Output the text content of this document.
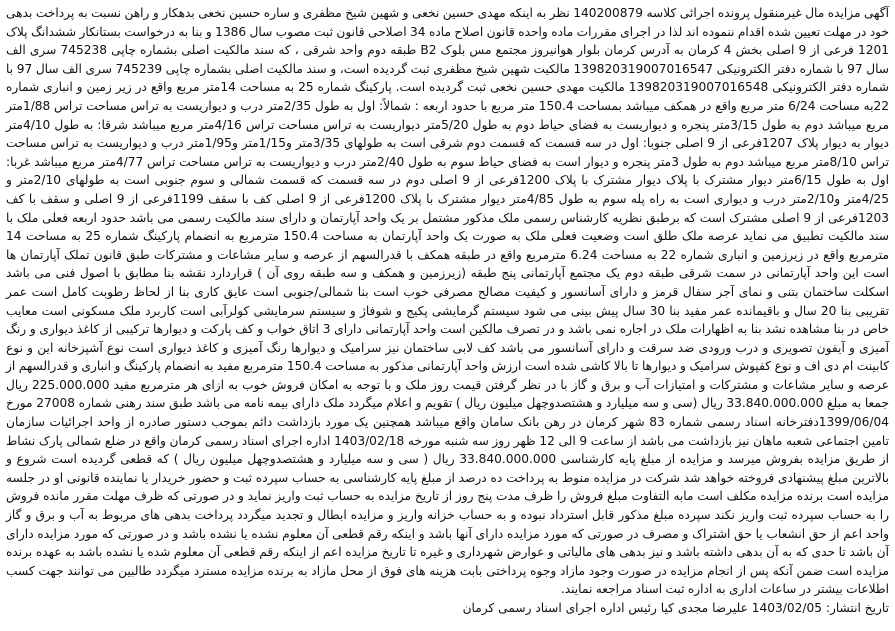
آگهی مزایده مال غیرمنقول پرونده اجرائی کلاسه 140200879 نظر به اینکه مهدی حسین نخعی و شهین شیخ مظفری و ساره حسین نخعی بدهکار و راهن نسبت به پرداخت بدهی خود در مهلت تعیین شده اقدام ننموده اند لذا در اجرای مقررات ماده واحده قانون اصلاح ماده 34 اصلاحی قانون ثبت مصوب سال 1386 و بنا به درخواست بستانکار ششدانگ پلاک 1201 فرعی از 9 اصلی بخش 4 کرمان به آدرس کرمان بلوار هوانیروز مجتمع مس بلوک B2 طبقه دوم واحد شرقی ، که سند مالکیت اصلی بشماره چاپی 745238 سری الف سال 97 با شماره دفتر الکترونیکی 139820319007016547 مالکیت شهین شیخ مظفری ثبت گردیده است، و سند مالکیت اصلی بشماره چاپی 745239 سری الف سال 97 با شماره دفتر الکترونیکی 139820319007016548 مالکیت مهدی حسین نخعی ثبت گردیده است. پارکینگ شماره 25 به مساحت 14متر مربع واقع در زیر زمین و انباری شماره 22به مساحت 6/24 متر مربع واقع در همکف میباشد بمساحت 150.4 متر مربع با حدود اربعه : شمالاً: اول به طول 2/35متر درب و دیواریست به تراس مساحت تراس 1/88متر مربع میباشد دوم به طول 3/15متر پنجره و دیواریست به فضای حیاط دوم به طول 5/20متر دیواریست به تراس مساحت تراس 4/16متر مربع میباشد شرقا: به طول 4/10متر دیوار به دیوار پلاک 1207فرعی از 9 اصلی جنوبا: اول در سه قسمت که قسمت دوم شرقی است به طولهای 3/35متر و1/15متر و1/95متر درب و دیواریست به تراس مساحت تراس 8/10متر مربع میباشد دوم به طول 3متر پنجره و دیوار است به فضای حیاط سوم به طول 2/40متر درب و دیواریست به تراس مساحت تراس 4/77متر مربع میباشد غربا: اول به طول 6/15متر دیوار مشترک با پلاک دیوار مشترک با پلاک 1200فرعی از 9 اصلی دوم در سه قسمت که قسمت شمالی و سوم جنوبی است به طولهای 2/10متر و 4/25متر و2/10متر درب و دیواری است به راه پله سوم به طول 4/85متر دیوار مشترک با پلاک 1200فرعی از 9 اصلی کف با سقف 1199فرعی از 9 اصلی و سقف با کف 1203فرعی از 9 اصلی مشترک است که برطبق نظریه کارشناس رسمی ملک مذکور مشتمل بر یک واحد آپارتمان و دارای سند مالکیت رسمی می باشد حدود اربعه فعلی ملک با سند مالکیت تطبیق می نماید عرصه ملک طلق است وضعیت فعلی ملک به صورت یک واحد آپارتمان به مساحت 150.4 مترمربع به انضمام پارکینگ شماره 25 به مساحت 14 مترمربع واقع در زیرزمین و انباری شماره 22 به مساحت 6.24 مترمربع واقع در طبقه همکف با قدرالسهم از عرصه و سایر مشاعات و مشترکات طبق قانون تملک آپارتمان ها است این واحد آپارتمانی در سمت شرقی طبقه دوم یک مجتمع آپارتمانی پنج طبقه (زیرزمین و همکف و سه طبقه روی آن ) قراردارد نقشه بنا مطابق با اصول فنی می باشد اسکلت ساختمان بتنی و نمای آجر سفال قرمز و دارای آسانسور و کیفیت مصالح مصرفی خوب است بنا شمالی/جنوبی است عایق کاری بنا از لحاظ رطوبت کامل است عمر تقریبی بنا 20 سال و باقیمانده عمر مفید بنا 30 سال پیش بینی می شود سیستم گرمایشی پکیج و شوفاژ و سیستم سرمایشی کولرآبی است کاربرد ملک مسکونی است معایب خاص در بنا مشاهده نشد بنا به اظهارات ملک در اجاره نمی باشد و در تصرف مالکین است واحد آپارتمانی دارای 3 اتاق خواب و کف پارکت و دیوارها ترکیبی از کاغذ دیواری و رنگ آمیزی و آیفون تصویری و درب ورودی ضد سرقت و دارای آسانسور می باشد کف لابی ساختمان نیز سرامیک و دیوارها رنگ آمیزی و کاغذ دیواری است نوع آشپزخانه این و نوع کابینت ام دی اف و نوع کفپوش سرامیک و دیوارها تا بالا کاشی شده است ارزش واحد آپارتمانی مذکور به مساحت 150.4 مترمربع مفید به انضمام پارکینگ و انباری و قدرالسهم از عرصه و سایر مشاعات و مشترکات و امتیازات آب و برق و گاز با در نظر گرفتن قیمت روز ملک و با توجه به امکان فروش خوب به ازای هر مترمربع مفید 225.000.000 ریال جمعا به مبلغ 33.840.000.000 ریال (سی و سه میلیارد و هشتصدوچهل میلیون ریال ) تقویم و اعلام میگردد ملک دارای بیمه نامه می باشد طبق سند رهنی شماره 27008 مورخ 1399/06/04دفترخانه اسناد رسمی شماره 83 شهر کرمان در رهن بانک سامان واقع میباشد همچنین یک مورد بازداشت دائم بموجب دستور صادره از واحد اجرائیات سازمان تامین اجتماعی شعبه ماهان نیز بازداشت می باشد از ساعت 9 الی 12 ظهر روز سه شنبه مورخه 1403/02/18 اداره اجرای اسناد رسمی کرمان واقع در ضلع شمالی پارک نشاط از طریق مزایده بفروش میرسد و مزایده از مبلغ پایه کارشناسی 33.840.000.000 ریال ( سی و سه میلیارد و هشتصدوچهل میلیون ریال ) که قطعی گردیده است شروع و بالاترین مبلغ پیشنهادی فروخته خواهد شد شرکت در مزایده منوط به پرداخت ده درصد از مبلغ پایه کارشناسی به حساب سپرده ثبت و حضور خریدار یا نماینده قانونی او در جلسه مزایده است برنده مزایده مکلف است مابه التفاوت مبلغ فروش را ظرف مدت پنج روز از تاریخ مزایده به حساب ثبت واریز نماید و در صورتی که ظرف مهلت مقرر مانده فروش را به حساب سپرده ثبت واریز نکند سپرده مبلغ مذکور قابل استرداد نبوده و به حساب خزانه واریز و مزایده ابطال و تجدید میگردد پرداخت بدهی های مربوط به آب و برق و گاز واحد اعم از حق انشعاب یا حق اشتراک و مصرف در صورتی که مورد مزایده دارای آنها باشد و اینکه رقم قطعی آن معلوم نشده یا نشده باشد و در صورتی که مورد مزایده دارای آن باشد تا حدی که به آن بدهی داشته باشد و نیز بدهی های مالیاتی و عوارض شهرداری و غیره تا تاریخ مزایده اعم از اینکه رقم قطعی آن معلوم شده یا نشده باشد به عهده برنده مزایده است ضمن آنکه پس از انجام مزایده در صورت وجود مازاد وجوه پرداختی بابت هزینه های فوق از محل مازاد به برنده مزایده مسترد میگردد طالبین می توانند جهت کسب اطلاعات بیشتر در ساعات اداری به اداره ثبت اسناد مراجعه نمایند.

تاریخ انتشار: 1403/02/05 علیرضا مجدی کیا رئیس اداره اجرای اسناد رسمی کرمان
